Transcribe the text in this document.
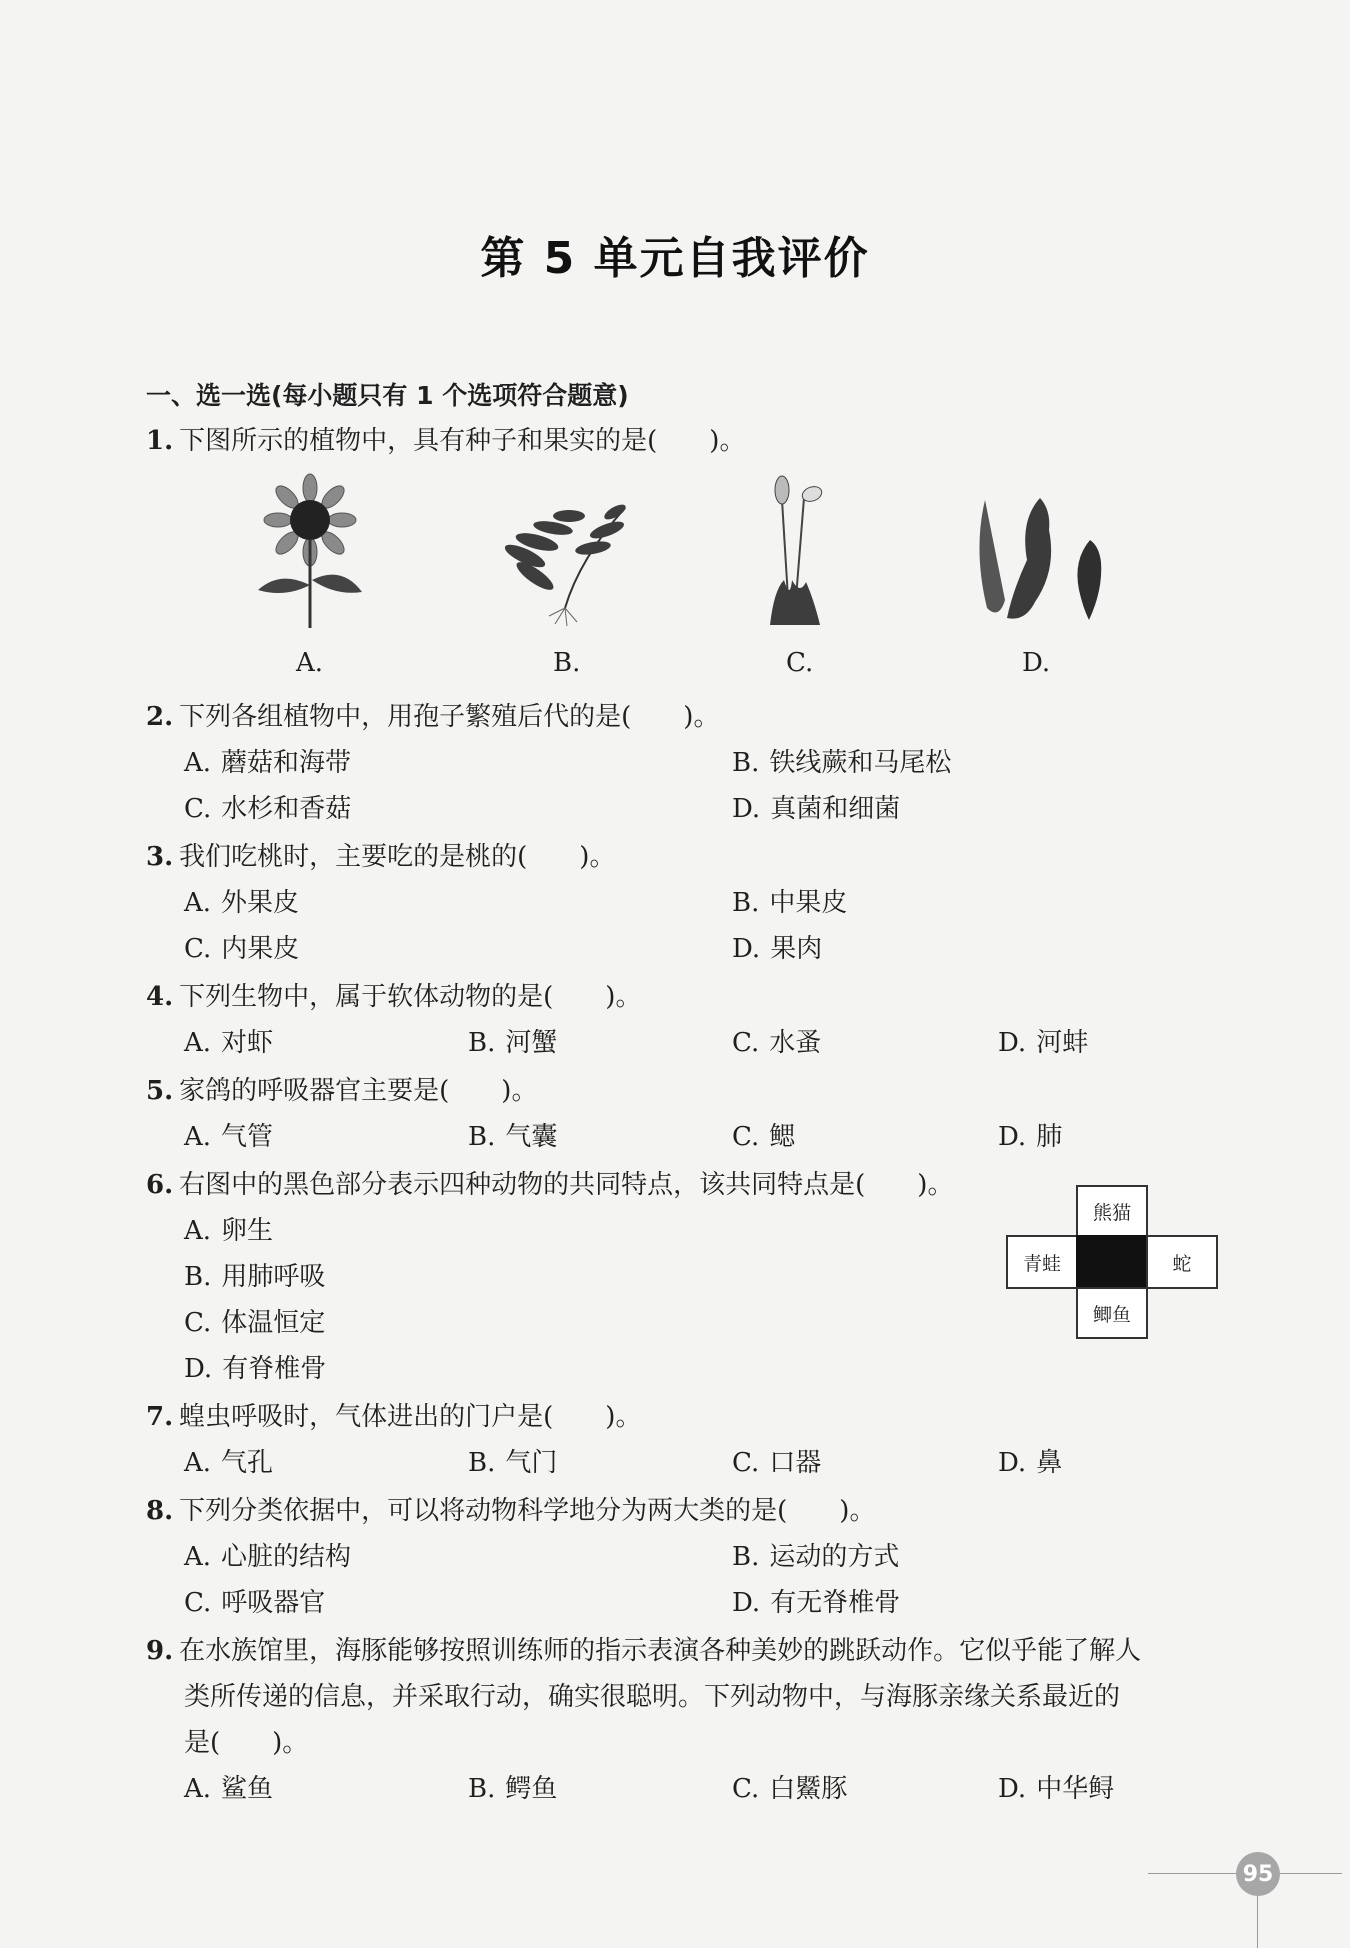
第 5 单元自我评价
一、选一选(每小题只有 1 个选项符合题意)
1. 下图所示的植物中，具有种子和果实的是(　　)。
A.	B.	C.	D.
2. 下列各组植物中，用孢子繁殖后代的是(　　)。
A. 蘑菇和海带	B. 铁线蕨和马尾松
C. 水杉和香菇	D. 真菌和细菌
3. 我们吃桃时，主要吃的是桃的(　　)。
A. 外果皮	B. 中果皮
C. 内果皮	D. 果肉
4. 下列生物中，属于软体动物的是(　　)。
A. 对虾	B. 河蟹	C. 水蚤	D. 河蚌
5. 家鸽的呼吸器官主要是(　　)。
A. 气管	B. 气囊	C. 鳃	D. 肺
6. 右图中的黑色部分表示四种动物的共同特点，该共同特点是(　　)。
A. 卵生
B. 用肺呼吸
C. 体温恒定
D. 有脊椎骨
熊猫
青蛙	蛇
鲫鱼
7. 蝗虫呼吸时，气体进出的门户是(　　)。
A. 气孔	B. 气门	C. 口器	D. 鼻
8. 下列分类依据中，可以将动物科学地分为两大类的是(　　)。
A. 心脏的结构	B. 运动的方式
C. 呼吸器官	D. 有无脊椎骨
9. 在水族馆里，海豚能够按照训练师的指示表演各种美妙的跳跃动作。它似乎能了解人
类所传递的信息，并采取行动，确实很聪明。下列动物中，与海豚亲缘关系最近的
是(　　)。
A. 鲨鱼	B. 鳄鱼	C. 白鱀豚	D. 中华鲟
95
